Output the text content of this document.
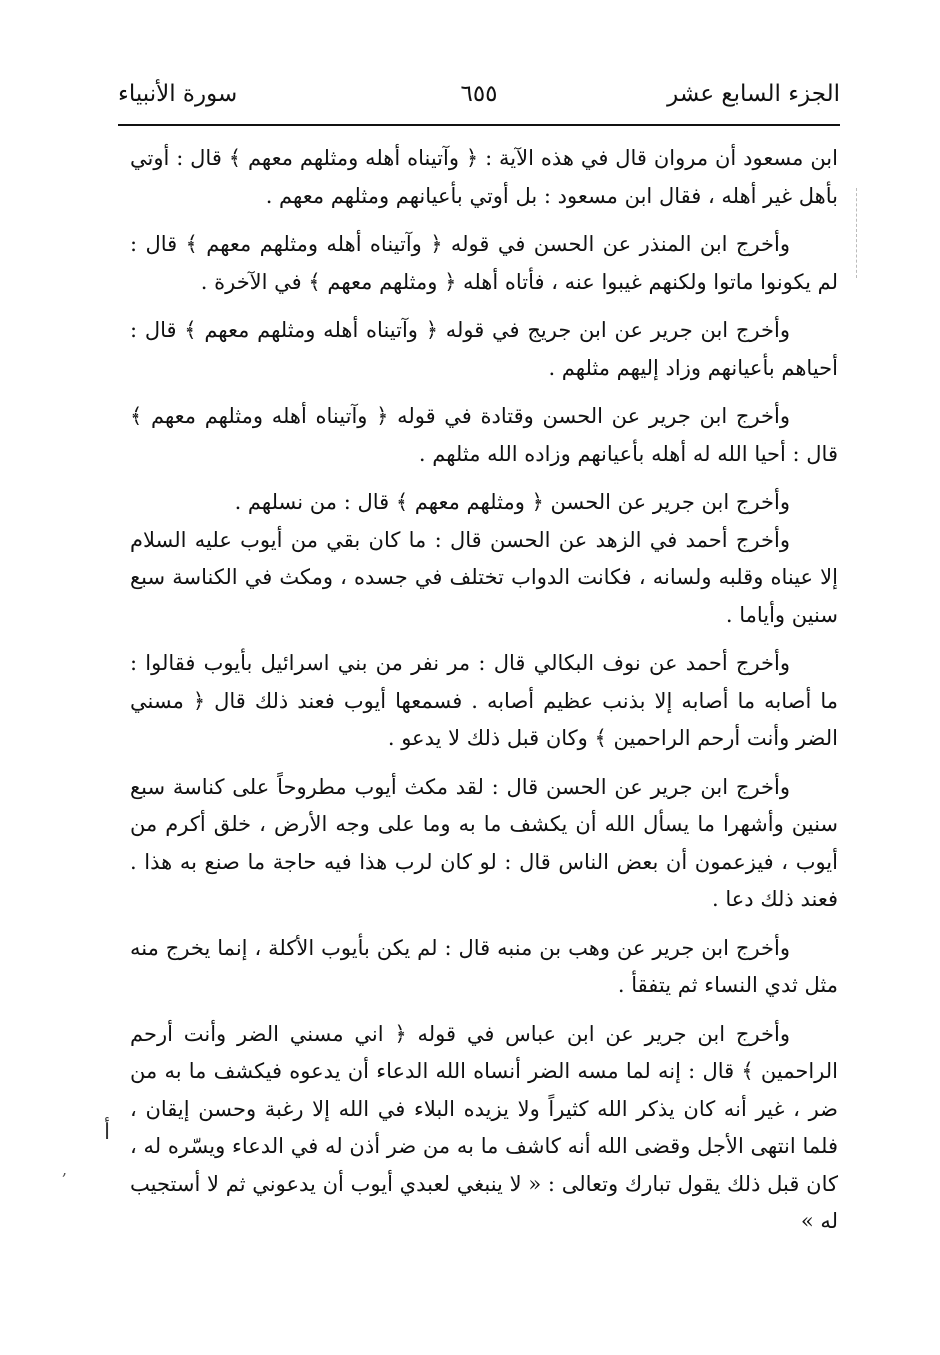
الجزء السابع عشر
٦٥٥
سورة الأنبياء

ابن مسعود أن مروان قال في هذه الآية : ﴿ وآتيناه أهله ومثلهم معهم ﴾ قال : أوتي بأهل غير أهله ، فقال ابن مسعود : بل أوتي بأعيانهم ومثلهم معهم .

وأخرج ابن المنذر عن الحسن في قوله ﴿ وآتيناه أهله ومثلهم معهم ﴾ قال : لم يكونوا ماتوا ولكنهم غيبوا عنه ، فأتاه أهله ﴿ ومثلهم معهم ﴾ في الآخرة .

وأخرج ابن جرير عن ابن جريج في قوله ﴿ وآتيناه أهله ومثلهم معهم ﴾ قال : أحياهم بأعيانهم وزاد إليهم مثلهم .

وأخرج ابن جرير عن الحسن وقتادة في قوله ﴿ وآتيناه أهله ومثلهم معهم ﴾ قال : أحيا الله له أهله بأعيانهم وزاده الله مثلهم .

وأخرج ابن جرير عن الحسن ﴿ ومثلهم معهم ﴾ قال : من نسلهم .

وأخرج أحمد في الزهد عن الحسن قال : ما كان بقي من أيوب عليه السلام إلا عيناه وقلبه ولسانه ، فكانت الدواب تختلف في جسده ، ومكث في الكناسة سبع سنين وأياما .

وأخرج أحمد عن نوف البكالي قال : مر نفر من بني اسرائيل بأيوب فقالوا : ما أصابه ما أصابه إلا بذنب عظيم أصابه . فسمعها أيوب فعند ذلك قال ﴿ مسني الضر وأنت أرحم الراحمين ﴾ وكان قبل ذلك لا يدعو .

وأخرج ابن جرير عن الحسن قال : لقد مكث أيوب مطروحاً على كناسة سبع سنين وأشهرا ما يسأل الله أن يكشف ما به وما على وجه الأرض ، خلق أكرم من أيوب ، فيزعمون أن بعض الناس قال : لو كان لرب هذا فيه حاجة ما صنع به هذا . فعند ذلك دعا .

وأخرج ابن جرير عن وهب بن منبه قال : لم يكن بأيوب الأكلة ، إنما يخرج منه مثل ثدي النساء ثم يتفقأ .

وأخرج ابن جرير عن ابن عباس في قوله ﴿ اني مسني الضر وأنت أرحم الراحمين ﴾ قال : إنه لما مسه الضر أنساه الله الدعاء أن يدعوه فيكشف ما به من ضر ، غير أنه كان يذكر الله كثيراً ولا يزيده البلاء في الله إلا رغبة وحسن إيقان ، فلما انتهى الأجل وقضى الله أنه كاشف ما به من ضر أذن له في الدعاء ويسّره له ، كان قبل ذلك يقول تبارك وتعالى : « لا ينبغي لعبدي أيوب أن يدعوني ثم لا أستجيب له »

أ
,
